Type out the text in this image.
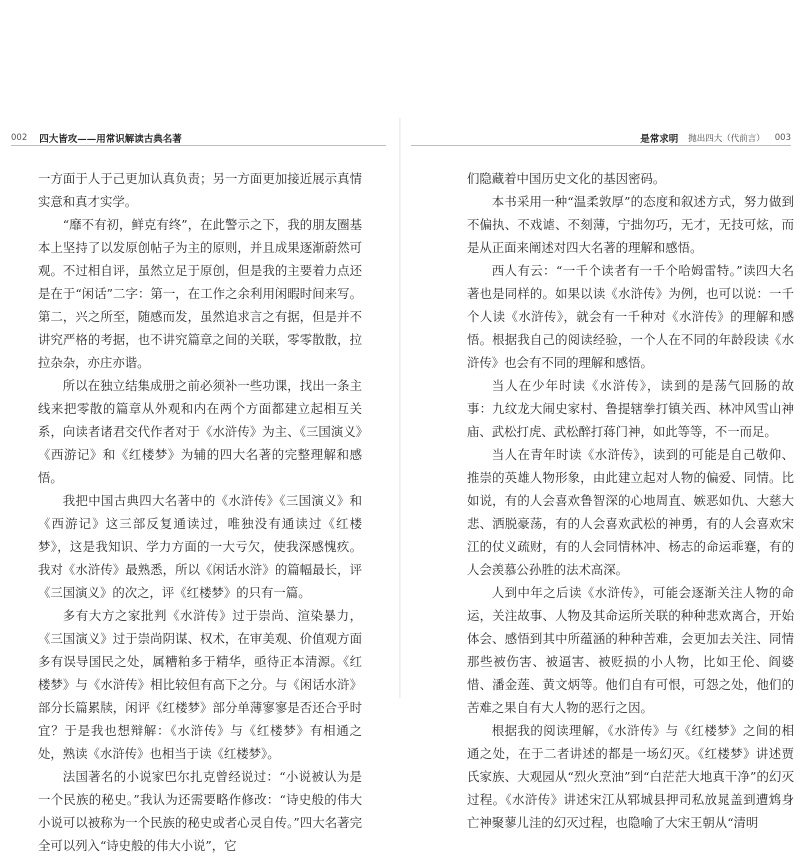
002 四大皆攻——用常识解读古典名著

一方面于人于己更加认真负责；另一方面更加接近展示真情实意和真才实学。

“靡不有初，鲜克有终”，在此警示之下，我的朋友圈基本上坚持了以发原创帖子为主的原则，并且成果逐渐蔚然可观。不过相自评，虽然立足于原创，但是我的主要着力点还是在于“闲话”二字：第一，在工作之余利用闲暇时间来写。第二，兴之所至，随感而发，虽然追求言之有据，但是并不讲究严格的考据，也不讲究篇章之间的关联，零零散散，拉拉杂杂，亦庄亦谐。

所以在独立结集成册之前必须补一些功课，找出一条主线来把零散的篇章从外观和内在两个方面都建立起相互关系，向读者诸君交代作者对于《水浒传》为主、《三国演义》《西游记》和《红楼梦》为辅的四大名著的完整理解和感悟。

我把中国古典四大名著中的《水浒传》《三国演义》和《西游记》这三部反复通读过，唯独没有通读过《红楼梦》，这是我知识、学力方面的一大亏欠，使我深感愧疚。我对《水浒传》最熟悉，所以《闲话水浒》的篇幅最长，评《三国演义》的次之，评《红楼梦》的只有一篇。

多有大方之家批判《水浒传》过于崇尚、渲染暴力，《三国演义》过于崇尚阴谋、权术，在审美观、价值观方面多有误导国民之处，属糟粕多于精华，亟待正本清源。《红楼梦》与《水浒传》相比较但有高下之分。与《闲话水浒》部分长篇累牍，闲评《红楼梦》部分单薄寥寥是否还合乎时宜？于是我也想辩解：《水浒传》与《红楼梦》有相通之处，熟读《水浒传》也相当于读《红楼梦》。

法国著名的小说家巴尔扎克曾经说过：“小说被认为是一个民族的秘史。”我认为还需要略作修改：“诗史般的伟大小说可以被称为一个民族的秘史或者心灵自传。”四大名著完全可以列入“诗史般的伟大小说”，它

是常求明 抛出四大（代前言） 003

们隐藏着中国历史文化的基因密码。

本书采用一种“温柔敦厚”的态度和叙述方式，努力做到不偏执、不戏谑、不刻薄，宁拙勿巧，无才，无技可炫，而是从正面来阐述对四大名著的理解和感悟。

西人有云：“一千个读者有一千个哈姆雷特。”读四大名著也是同样的。如果以读《水浒传》为例，也可以说：一千个人读《水浒传》，就会有一千种对《水浒传》的理解和感悟。根据我自己的阅读经验，一个人在不同的年龄段读《水浒传》也会有不同的理解和感悟。

当人在少年时读《水浒传》，读到的是荡气回肠的故事：九纹龙大闹史家村、鲁提辖拳打镇关西、林冲风雪山神庙、武松打虎、武松醉打蒋门神，如此等等，不一而足。

当人在青年时读《水浒传》，读到的可能是自己敬仰、推崇的英雄人物形象，由此建立起对人物的偏爱、同情。比如说，有的人会喜欢鲁智深的心地周直、嫉恶如仇、大慈大悲、洒脱豪荡，有的人会喜欢武松的神勇，有的人会喜欢宋江的仗义疏财，有的人会同情林冲、杨志的命运乖蹇，有的人会羡慕公孙胜的法术高深。

人到中年之后读《水浒传》，可能会逐渐关注人物的命运，关注故事、人物及其命运所关联的种种悲欢离合，开始体会、感悟到其中所蕴涵的种种苦难，会更加去关注、同情那些被伤害、被逼害、被贬损的小人物，比如王伦、阎婆惜、潘金莲、黄文炳等。他们自有可恨，可怨之处，他们的苦难之果自有大人物的恶行之因。

根据我的阅读理解，《水浒传》与《红楼梦》之间的相通之处，在于二者讲述的都是一场幻灭。《红楼梦》讲述贾氏家族、大观园从“烈火烹油”到“白茫茫大地真干净”的幻灭过程。《水浒传》讲述宋江从郓城县押司私放晁盖到遭鸩身亡神聚蓼儿洼的幻灭过程，也隐喻了大宋王朝从“清明
